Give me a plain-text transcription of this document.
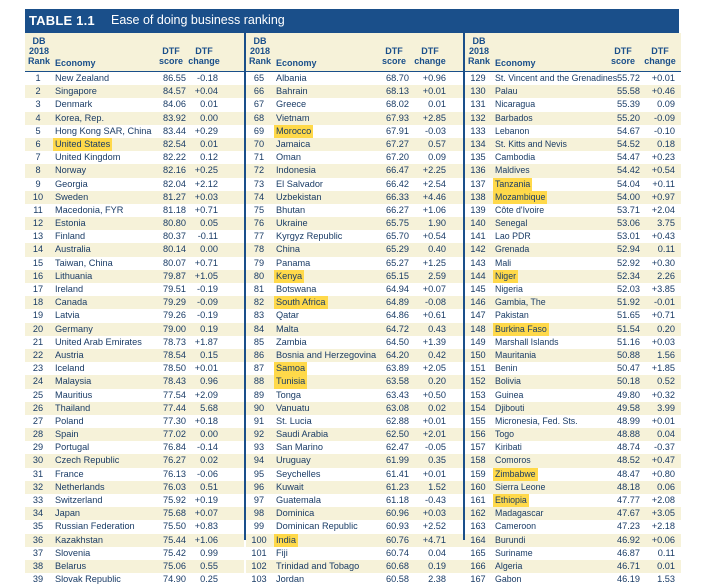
TABLE 1.1 Ease of doing business ranking
DB
2018
Rank Economy
DTF
score
DTF
change
1	New Zealand	86.55	-0.18
2	Singapore	84.57 +0.04
3	Denmark	84.06	0.01
4	Korea, Rep.	83.92	0.00
5	Hong Kong SAR, China	83.44 +0.29
6	United States	82.54	0.01
7	United Kingdom	82.22	0.12
8	Norway	82.16 +0.25
9	Georgia	82.04 +2.12
10	Sweden	81.27 +0.03
11	Macedonia, FYR	81.18 +0.71
12	Estonia	80.80	0.05
13	Finland	80.37	-0.11
14	Australia	80.14	0.00
15	Taiwan, China	80.07 +0.71
16	Lithuania	79.87 +1.05
17	Ireland	79.51	-0.19
18	Canada	79.29	-0.09
19	Latvia	79.26	-0.19
20	Germany	79.00	0.19
21	United Arab Emirates	78.73 +1.87
22	Austria	78.54	0.15
23	Iceland	78.50 +0.01
24	Malaysia	78.43	0.96
25	Mauritius	77.54 +2.09
26	Thailand	77.44	5.68
27	Poland	77.30 +0.18
28	Spain	77.02	0.00
29	Portugal	76.84	-0.14
30	Czech Republic	76.27	0.02
31	France	76.13	-0.06
32	Netherlands	76.03	0.51
33	Switzerland	75.92 +0.19
34	Japan	75.68 +0.07
35	Russian Federation	75.50 +0.83
36	Kazakhstan	75.44 +1.06
37	Slovenia	75.42	0.99
38	Belarus	75.06	0.55
39	Slovak Republic	74.90	0.25
DB
2018
Rank Economy
DTF
score
DTF
change
65	Albania	68.70	+0.96
66	Bahrain	68.13	+0.01
67	Greece	68.02	0.01
68	Vietnam	67.93	+2.85
69	Morocco	67.91	-0.03
70	Jamaica	67.27	0.57
71	Oman	67.20	0.09
72	Indonesia	66.47	+2.25
73	El Salvador	66.42	+2.54
74	Uzbekistan	66.33	+4.46
75	Bhutan	66.27	+1.06
76	Ukraine	65.75	1.90
77	Kyrgyz Republic	65.70	+0.54
78	China	65.29	0.40
79	Panama	65.27	+1.25
80	Kenya	65.15	2.59
81	Botswana	64.94	+0.07
82	South Africa	64.89	-0.08
83	Qatar	64.86	+0.61
84	Malta	64.72	0.43
85	Zambia	64.50	+1.39
86	Bosnia and Herzegovina	64.20	0.42
87	Samoa	63.89	+2.05
88	Tunisia	63.58	0.20
89	Tonga	63.43	+0.50
90	Vanuatu	63.08	0.02
91	St. Lucia	62.88	+0.01
92	Saudi Arabia	62.50	+2.01
93	San Marino	62.47	-0.05
94	Uruguay	61.99	0.35
95	Seychelles	61.41	+0.01
96	Kuwait	61.23	1.52
97	Guatemala	61.18	-0.43
98	Dominica	60.96	+0.03
99	Dominican Republic	60.93	+2.52
100	India	60.76	+4.71
101	Fiji	60.74	0.04
102	Trinidad and Tobago	60.68	0.19
103	Jordan	60.58	2.38
DB
2018
Rank Economy
DTF
score
DTF
change
129	St. Vincent and the Grenadines 55.72	+0.01
130	Palau	55.58	+0.46
131	Nicaragua	55.39	0.09
132	Barbados	55.20	-0.09
133	Lebanon	54.67	-0.10
134	St. Kitts and Nevis	54.52	0.18
135	Cambodia	54.47	+0.23
136	Maldives	54.42	+0.54
137	Tanzania	54.04	+0.11
138	Mozambique	54.00	+0.97
139	Côte d'Ivoire	53.71	+2.04
140	Senegal	53.06	3.75
141	Lao PDR	53.01	+0.43
142	Grenada	52.94	0.11
143	Mali	52.92	+0.30
144	Niger	52.34	2.26
145	Nigeria	52.03	+3.85
146	Gambia, The	51.92	-0.01
147	Pakistan	51.65	+0.71
148	Burkina Faso	51.54	0.20
149	Marshall Islands	51.16	+0.03
150	Mauritania	50.88	1.56
151	Benin	50.47	+1.85
152	Bolivia	50.18	0.52
153	Guinea	49.80	+0.32
154	Djibouti	49.58	3.99
155	Micronesia, Fed. Sts.	48.99	+0.01
156	Togo	48.88	0.04
157	Kiribati	48.74	-0.37
158	Comoros	48.52	+0.47
159	Zimbabwe	48.47	+0.80
160	Sierra Leone	48.18	0.06
161	Ethiopia	47.77	+2.08
162	Madagascar	47.67	+3.05
163	Cameroon	47.23	+2.18
164	Burundi	46.92	+0.06
165	Suriname	46.87	0.11
166	Algeria	46.71	0.01
167	Gabon	46.19	1.53
